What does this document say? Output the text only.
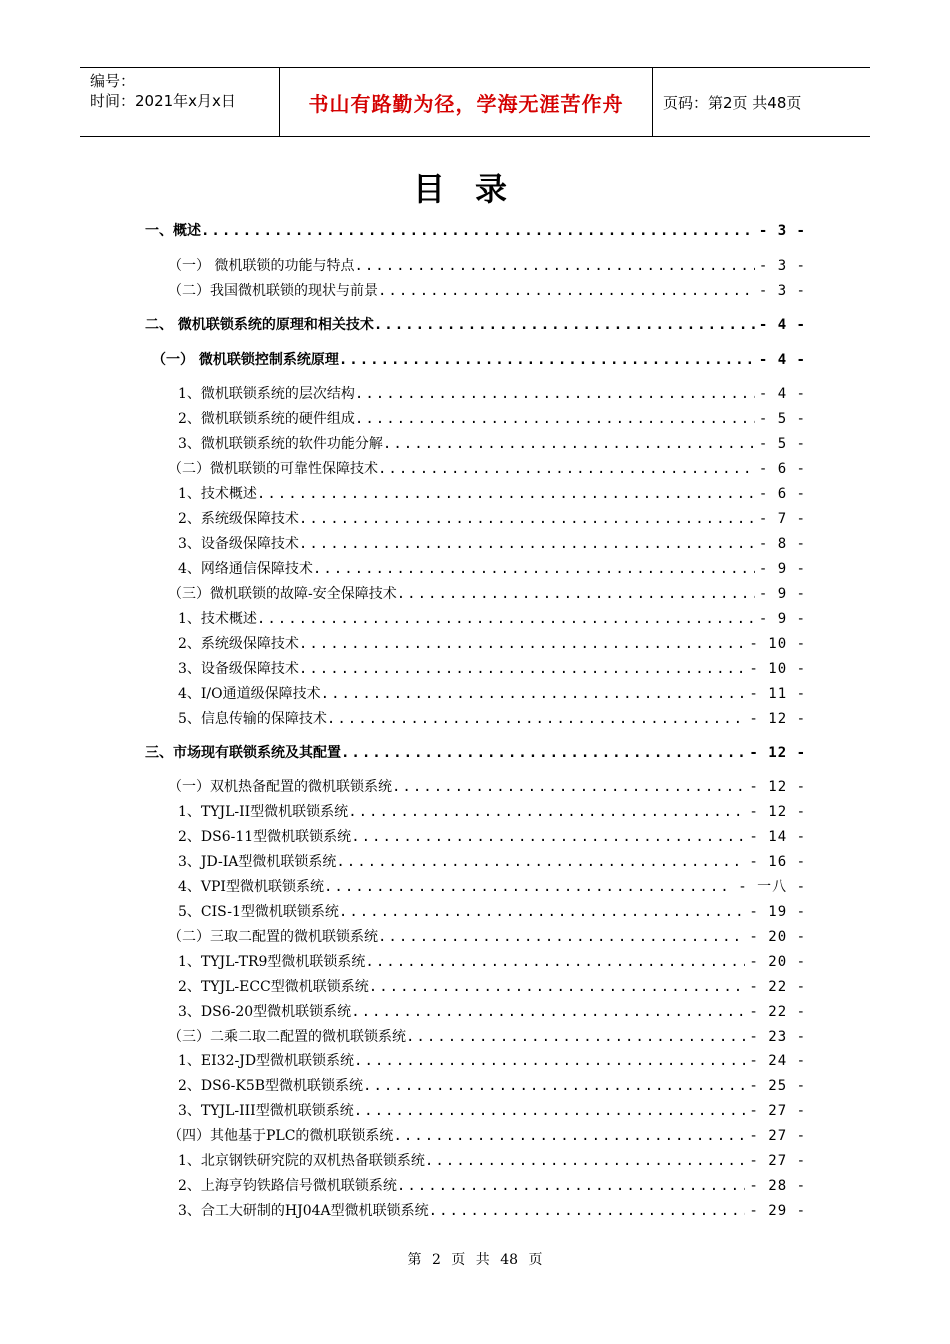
编号：
时间：2021年x月x日	书山有路勤为径，学海无涯苦作舟	页码：第2页 共48页
目录
一、概述 .....	- 3 -
（一） 微机联锁的功能与特点 .....	- 3 -
（二）我国微机联锁的现状与前景 .....	- 3 -
二、 微机联锁系统的原理和相关技术 .....	- 4 -
（一） 微机联锁控制系统原理 .....	- 4 -
1、微机联锁系统的层次结构 .....	- 4 -
2、微机联锁系统的硬件组成 .....	- 5 -
3、微机联锁系统的软件功能分解 .....	- 5 -
（二）微机联锁的可靠性保障技术 .....	- 6 -
1、技术概述 .....	- 6 -
2、系统级保障技术 .....	- 7 -
3、设备级保障技术 .....	- 8 -
4、网络通信保障技术 .....	- 9 -
（三）微机联锁的故障-安全保障技术 .....	- 9 -
1、技术概述 .....	- 9 -
2、系统级保障技术 .....	- 10 -
3、设备级保障技术 .....	- 10 -
4、I/O通道级保障技术 .....	- 11 -
5、信息传输的保障技术 .....	- 12 -
三、市场现有联锁系统及其配置 .....	- 12 -
（一）双机热备配置的微机联锁系统 .....	- 12 -
1、TYJL-II型微机联锁系统 .....	- 12 -
2、DS6-11型微机联锁系统 .....	- 14 -
3、JD-IA型微机联锁系统 .....	- 16 -
4、VPI型微机联锁系统 .....	- 一八 -
5、CIS-1型微机联锁系统 .....	- 19 -
（二）三取二配置的微机联锁系统 .....	- 20 -
1、TYJL-TR9型微机联锁系统 .....	- 20 -
2、TYJL-ECC型微机联锁系统 .....	- 22 -
3、DS6-20型微机联锁系统 .....	- 22 -
（三）二乘二取二配置的微机联锁系统 .....	- 23 -
1、EI32-JD型微机联锁系统 .....	- 24 -
2、DS6-K5B型微机联锁系统 .....	- 25 -
3、TYJL-III型微机联锁系统 .....	- 27 -
（四）其他基于PLC的微机联锁系统 .....	- 27 -
1、北京钢铁研究院的双机热备联锁系统 .....	- 27 -
2、上海亨钧铁路信号微机联锁系统 .....	- 28 -
3、合工大研制的HJ04A型微机联锁系统 .....	- 29 -
第 2 页 共 48 页
